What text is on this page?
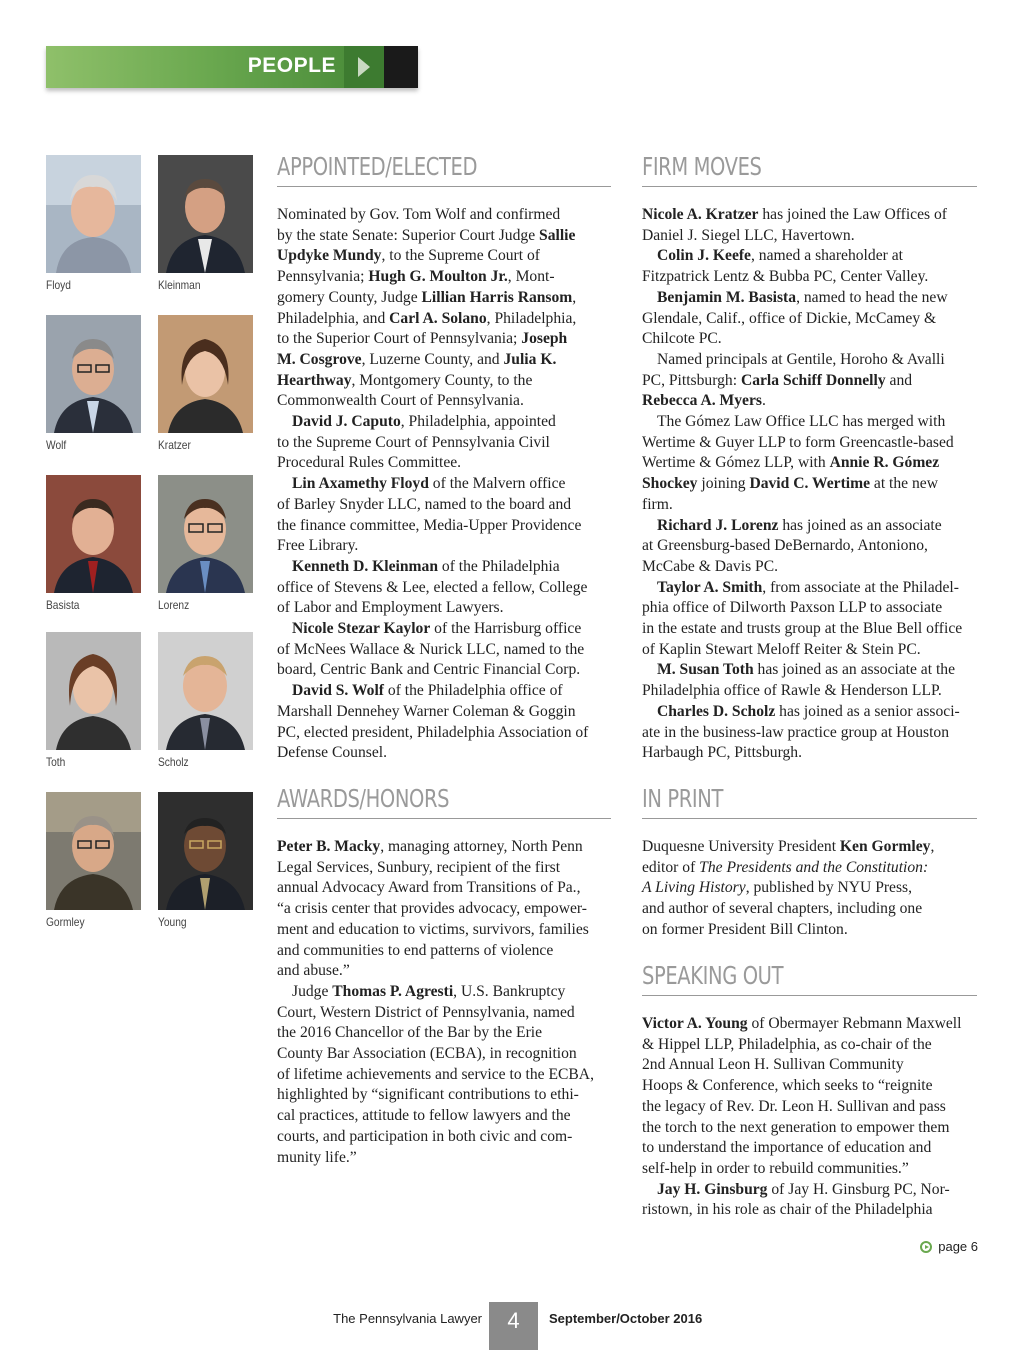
PEOPLE
Floyd	Kleinman
Wolf	Kratzer
Basista	Lorenz
Toth	Scholz
Gormley	Young
APPOINTED/ELECTED	FIRM MOVES
AWARDS/HONORS	IN PRINT
SPEAKING OUT

Nominated by Gov. Tom Wolf and confirmed
by the state Senate: Superior Court Judge Sallie
Updyke Mundy, to the Supreme Court of
Pennsylvania; Hugh G. Moulton Jr., Mont-
gomery County, Judge Lillian Harris Ransom,
Philadelphia, and Carl A. Solano, Philadelphia,
to the Superior Court of Pennsylvania; Joseph
M. Cosgrove, Luzerne County, and Julia K.
Hearthway, Montgomery County, to the
Commonwealth Court of Pennsylvania.

David J. Caputo, Philadelphia, appointed
to the Supreme Court of Pennsylvania Civil
Procedural Rules Committee.

Lin Axamethy Floyd of the Malvern office
of Barley Snyder LLC, named to the board and
the finance committee, Media-Upper Providence
Free Library.

Kenneth D. Kleinman of the Philadelphia
office of Stevens & Lee, elected a fellow, College
of Labor and Employment Lawyers.

Nicole Stezar Kaylor of the Harrisburg office
of McNees Wallace & Nurick LLC, named to the
board, Centric Bank and Centric Financial Corp.

David S. Wolf of the Philadelphia office of
Marshall Dennehey Warner Coleman & Goggin
PC, elected president, Philadelphia Association of
Defense Counsel.

Peter B. Macky, managing attorney, North Penn
Legal Services, Sunbury, recipient of the first
annual Advocacy Award from Transitions of Pa.,
“a crisis center that provides advocacy, empower-
ment and education to victims, survivors, families
and communities to end patterns of violence
and abuse.”

Judge Thomas P. Agresti, U.S. Bankruptcy
Court, Western District of Pennsylvania, named
the 2016 Chancellor of the Bar by the Erie
County Bar Association (ECBA), in recognition
of lifetime achievements and service to the ECBA,
highlighted by “significant contributions to ethi-
cal practices, attitude to fellow lawyers and the
courts, and participation in both civic and com-
munity life.”

Nicole A. Kratzer has joined the Law Offices of
Daniel J. Siegel LLC, Havertown.

Colin J. Keefe, named a shareholder at
Fitzpatrick Lentz & Bubba PC, Center Valley.

Benjamin M. Basista, named to head the new
Glendale, Calif., office of Dickie, McCamey &
Chilcote PC.

Named principals at Gentile, Horoho & Avalli
PC, Pittsburgh: Carla Schiff Donnelly and
Rebecca A. Myers.

The Gómez Law Office LLC has merged with
Wertime & Guyer LLP to form Greencastle-based
Wertime & Gómez LLP, with Annie R. Gómez
Shockey joining David C. Wertime at the new
firm.

Richard J. Lorenz has joined as an associate
at Greensburg-based DeBernardo, Antoniono,
McCabe & Davis PC.

Taylor A. Smith, from associate at the Philadel-
phia office of Dilworth Paxson LLP to associate
in the estate and trusts group at the Blue Bell office
of Kaplin Stewart Meloff Reiter & Stein PC.

M. Susan Toth has joined as an associate at the
Philadelphia office of Rawle & Henderson LLP.

Charles D. Scholz has joined as a senior associ-
ate in the business-law practice group at Houston
Harbaugh PC, Pittsburgh.

Duquesne University President Ken Gormley,
editor of The Presidents and the Constitution:
A Living History, published by NYU Press,
and author of several chapters, including one
on former President Bill Clinton.

Victor A. Young of Obermayer Rebmann Maxwell
& Hippel LLP, Philadelphia, as co-chair of the
2nd Annual Leon H. Sullivan Community
Hoops & Conference, which seeks to “reignite
the legacy of Rev. Dr. Leon H. Sullivan and pass
the torch to the next generation to empower them
to understand the importance of education and
self-help in order to rebuild communities.”

Jay H. Ginsburg of Jay H. Ginsburg PC, Nor-
ristown, in his role as chair of the Philadelphia

page 6
The Pennsylvania Lawyer	4	September/October 2016
